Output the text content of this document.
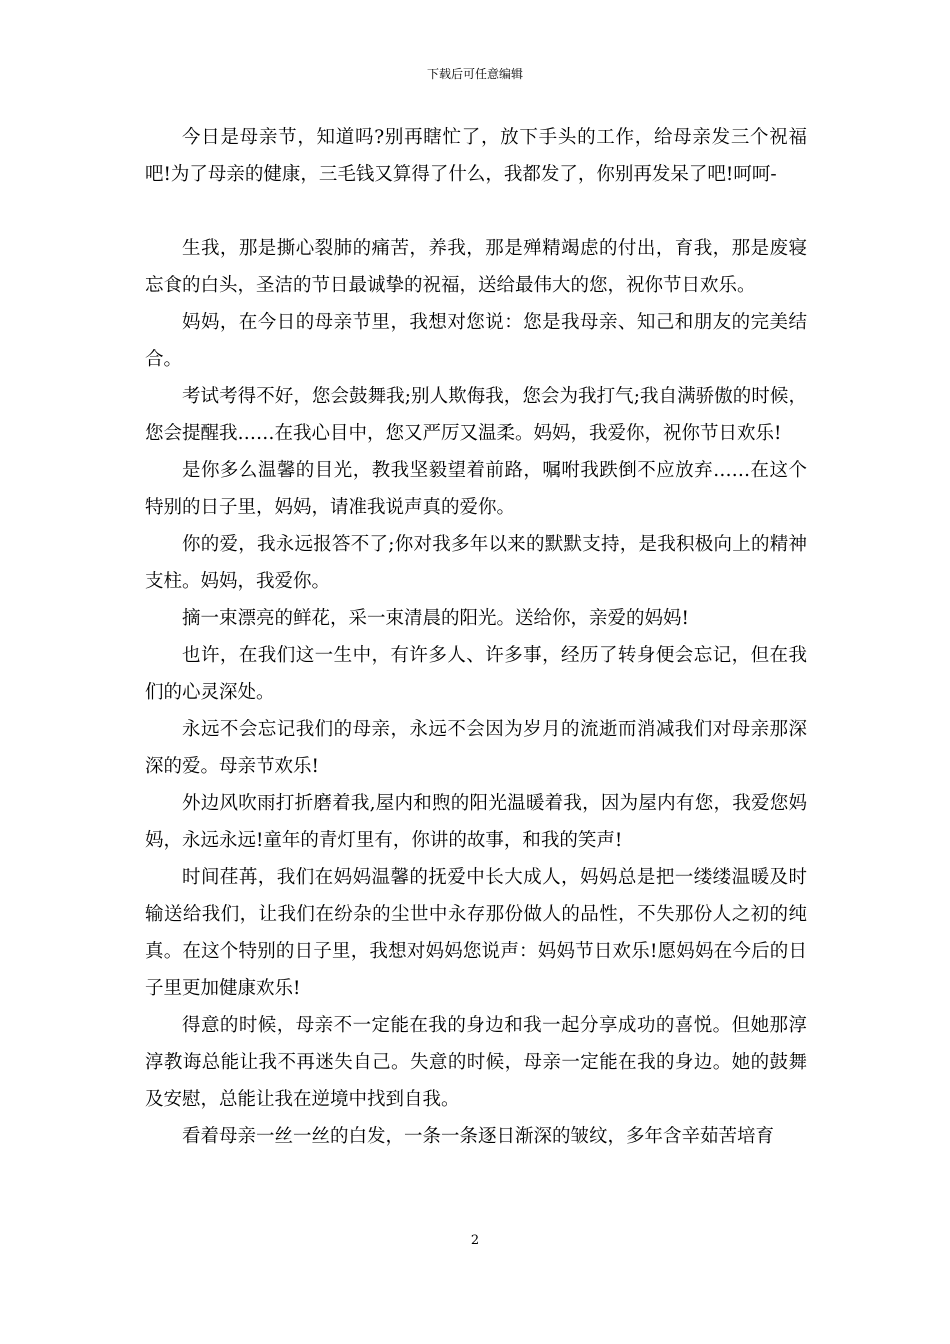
下载后可任意编辑

今日是母亲节，知道吗?别再瞎忙了，放下手头的工作，给母亲发三个祝福吧!为了母亲的健康，三毛钱又算得了什么，我都发了，你别再发呆了吧!呵呵-

生我，那是撕心裂肺的痛苦，养我，那是殚精竭虑的付出，育我，那是废寝忘食的白头，圣洁的节日最诚挚的祝福，送给最伟大的您，祝你节日欢乐。

妈妈，在今日的母亲节里，我想对您说：您是我母亲、知己和朋友的完美结合。

考试考得不好，您会鼓舞我;别人欺侮我，您会为我打气;我自满骄傲的时候，您会提醒我……在我心目中，您又严厉又温柔。妈妈，我爱你，祝你节日欢乐!

是你多么温馨的目光，教我坚毅望着前路，嘱咐我跌倒不应放弃……在这个特别的日子里，妈妈，请准我说声真的爱你。

你的爱，我永远报答不了;你对我多年以来的默默支持，是我积极向上的精神支柱。妈妈，我爱你。

摘一束漂亮的鲜花，采一束清晨的阳光。送给你，亲爱的妈妈!

也许，在我们这一生中，有许多人、许多事，经历了转身便会忘记，但在我们的心灵深处。

永远不会忘记我们的母亲，永远不会因为岁月的流逝而消减我们对母亲那深深的爱。母亲节欢乐!

外边风吹雨打折磨着我,屋内和煦的阳光温暖着我，因为屋内有您，我爱您妈妈，永远永远!童年的青灯里有，你讲的故事，和我的笑声!

时间荏苒，我们在妈妈温馨的抚爱中长大成人，妈妈总是把一缕缕温暖及时输送给我们，让我们在纷杂的尘世中永存那份做人的品性，不失那份人之初的纯真。在这个特别的日子里，我想对妈妈您说声：妈妈节日欢乐!愿妈妈在今后的日子里更加健康欢乐!

得意的时候，母亲不一定能在我的身边和我一起分享成功的喜悦。但她那淳淳教诲总能让我不再迷失自己。失意的时候，母亲一定能在我的身边。她的鼓舞及安慰，总能让我在逆境中找到自我。

看着母亲一丝一丝的白发，一条一条逐日渐深的皱纹，多年含辛茹苦培育

2
